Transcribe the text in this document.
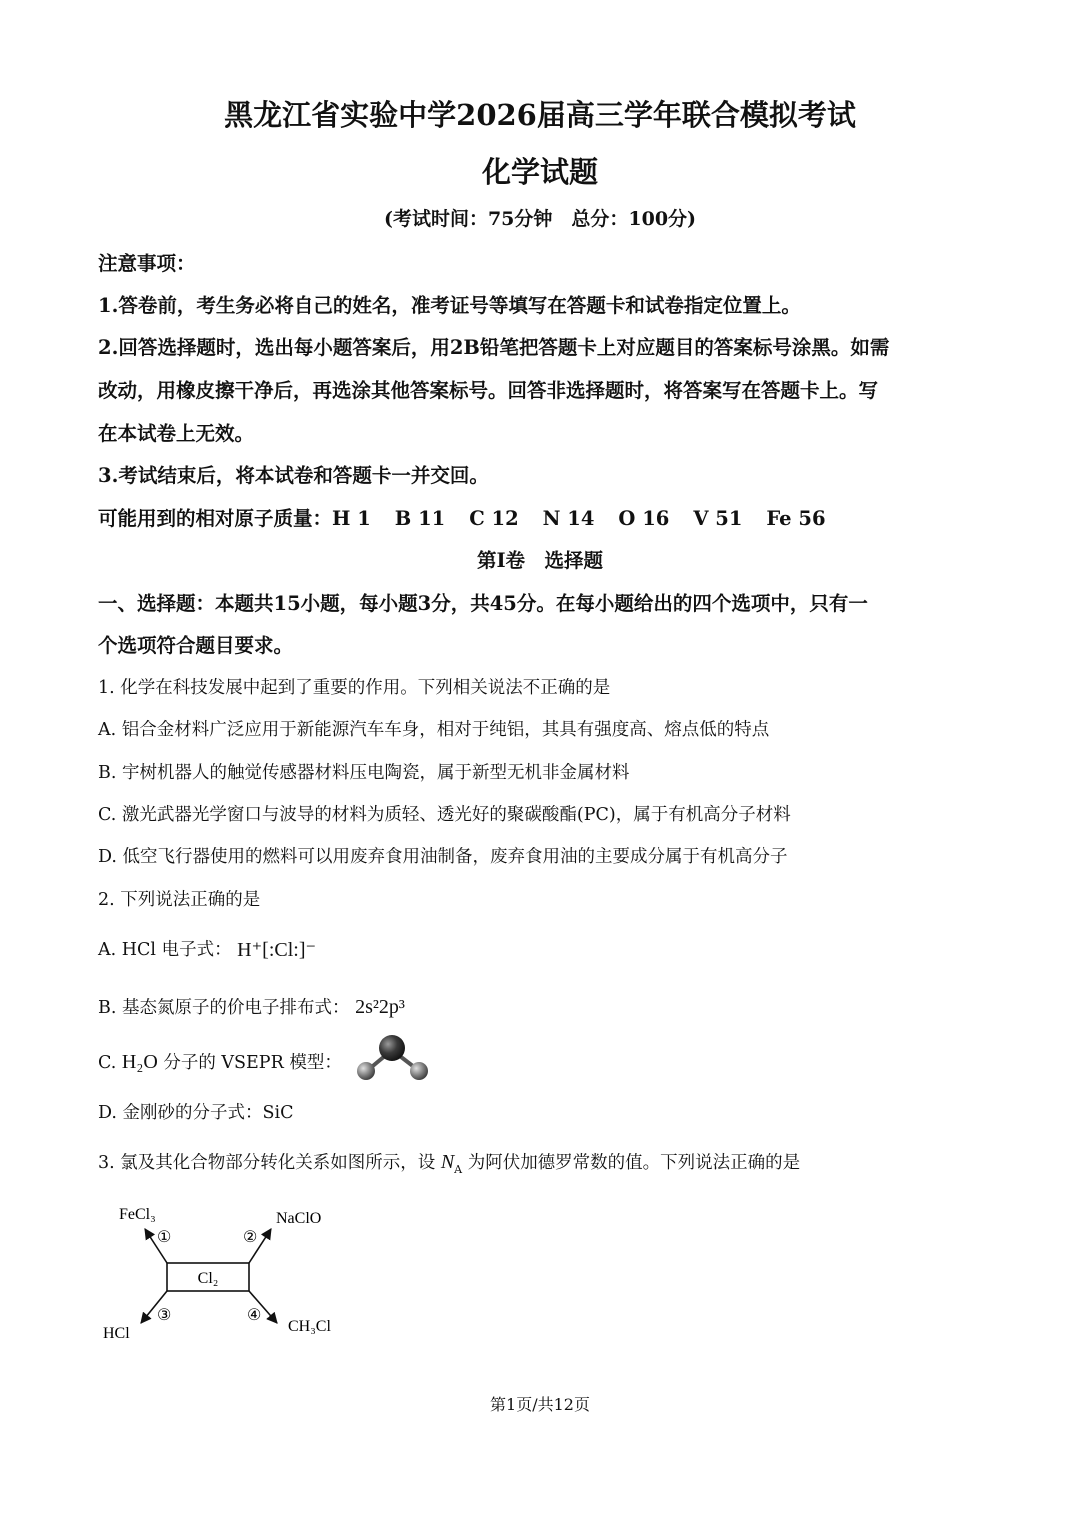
黑龙江省实验中学2026届高三学年联合模拟考试
化学试题
(考试时间：75分钟　总分：100分)
注意事项：
1.答卷前，考生务必将自己的姓名，准考证号等填写在答题卡和试卷指定位置上。
2.回答选择题时，选出每小题答案后，用2B铅笔把答题卡上对应题目的答案标号涂黑。如需
改动，用橡皮擦干净后，再选涂其他答案标号。回答非选择题时，将答案写在答题卡上。写
在本试卷上无效。
3.考试结束后，将本试卷和答题卡一并交回。
可能用到的相对原子质量：H 1 B 11 C 12 N 14 O 16 V 51 Fe 56
第Ⅰ卷　选择题
一、选择题：本题共15小题，每小题3分，共45分。在每小题给出的四个选项中，只有一
个选项符合题目要求。
1. 化学在科技发展中起到了重要的作用。下列相关说法不正确的是
A. 铝合金材料广泛应用于新能源汽车车身，相对于纯铝，其具有强度高、熔点低的特点
B. 宇树机器人的触觉传感器材料压电陶瓷，属于新型无机非金属材料
C. 激光武器光学窗口与波导的材料为质轻、透光好的聚碳酸酯(PC)，属于有机高分子材料
D. 低空飞行器使用的燃料可以用废弃食用油制备，废弃食用油的主要成分属于有机高分子
2. 下列说法正确的是
A. HCl 电子式： H⁺[:Cl:]⁻
B. 基态氮原子的价电子排布式： 2s²2p³
C. H₂O 分子的 VSEPR 模型：
D. 金刚砂的分子式：SiC
3. 氯及其化合物部分转化关系如图所示，设 $N_A$ 为阿伏加德罗常数的值。下列说法正确的是
Cl₂
FeCl₃	NaClO
HCl	CH₃Cl
①	②
③	④
第1页/共12页
